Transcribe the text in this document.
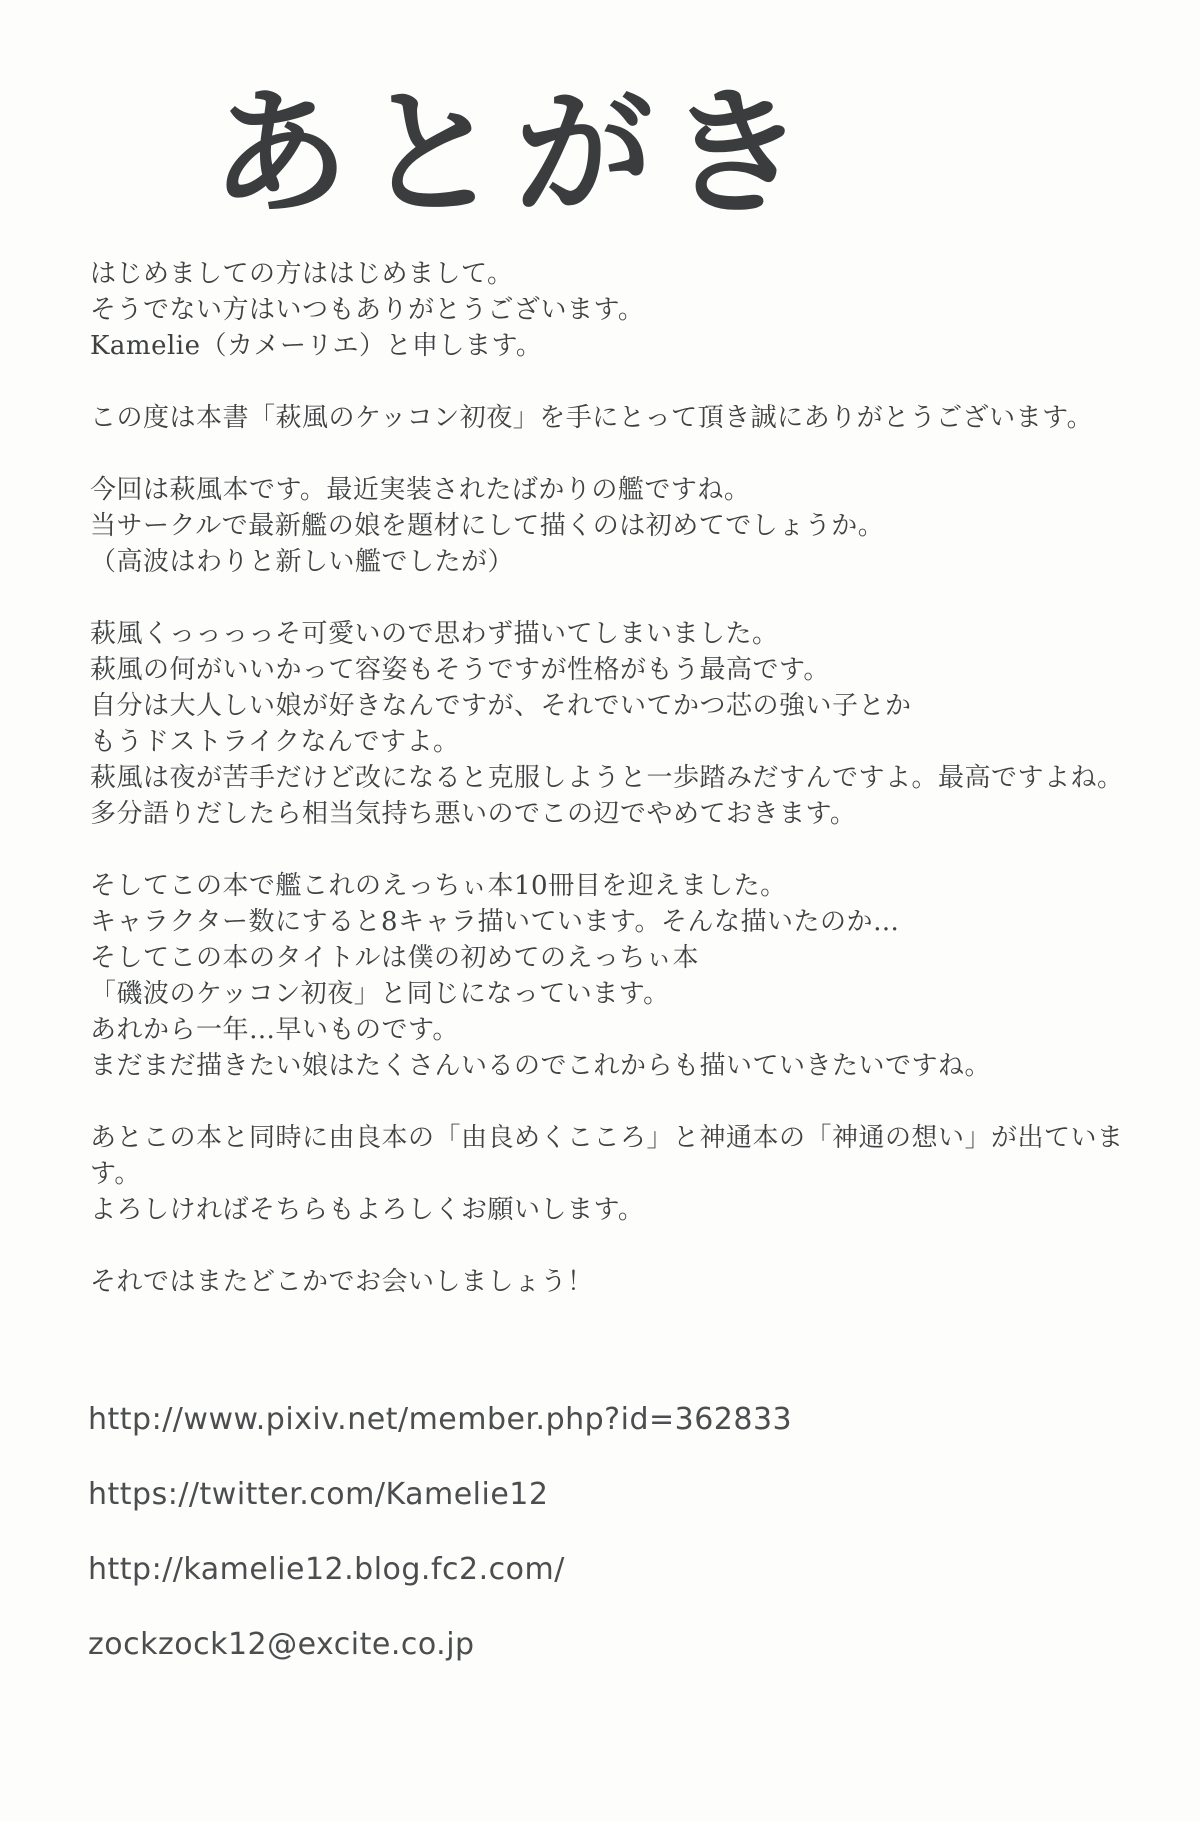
あとがき

はじめましての方ははじめまして。
そうでない方はいつもありがとうございます。
Kamelie（カメーリエ）と申します。

この度は本書「萩風のケッコン初夜」を手にとって頂き誠にありがとうございます。

今回は萩風本です。最近実装されたばかりの艦ですね。
当サークルで最新艦の娘を題材にして描くのは初めてでしょうか。
（高波はわりと新しい艦でしたが）

萩風くっっっっそ可愛いので思わず描いてしまいました。
萩風の何がいいかって容姿もそうですが性格がもう最高です。
自分は大人しい娘が好きなんですが、それでいてかつ芯の強い子とか
もうドストライクなんですよ。
萩風は夜が苦手だけど改になると克服しようと一歩踏みだすんですよ。最高ですよね。
多分語りだしたら相当気持ち悪いのでこの辺でやめておきます。

そしてこの本で艦これのえっちぃ本10冊目を迎えました。
キャラクター数にすると8キャラ描いています。そんな描いたのか…
そしてこの本のタイトルは僕の初めてのえっちぃ本
「磯波のケッコン初夜」と同じになっています。
あれから一年…早いものです。
まだまだ描きたい娘はたくさんいるのでこれからも描いていきたいですね。

あとこの本と同時に由良本の「由良めくこころ」と神通本の「神通の想い」が出ています。
よろしければそちらもよろしくお願いします。

それではまたどこかでお会いしましょう！

http://www.pixiv.net/member.php?id=362833
https://twitter.com/Kamelie12
http://kamelie12.blog.fc2.com/
zockzock12@excite.co.jp
